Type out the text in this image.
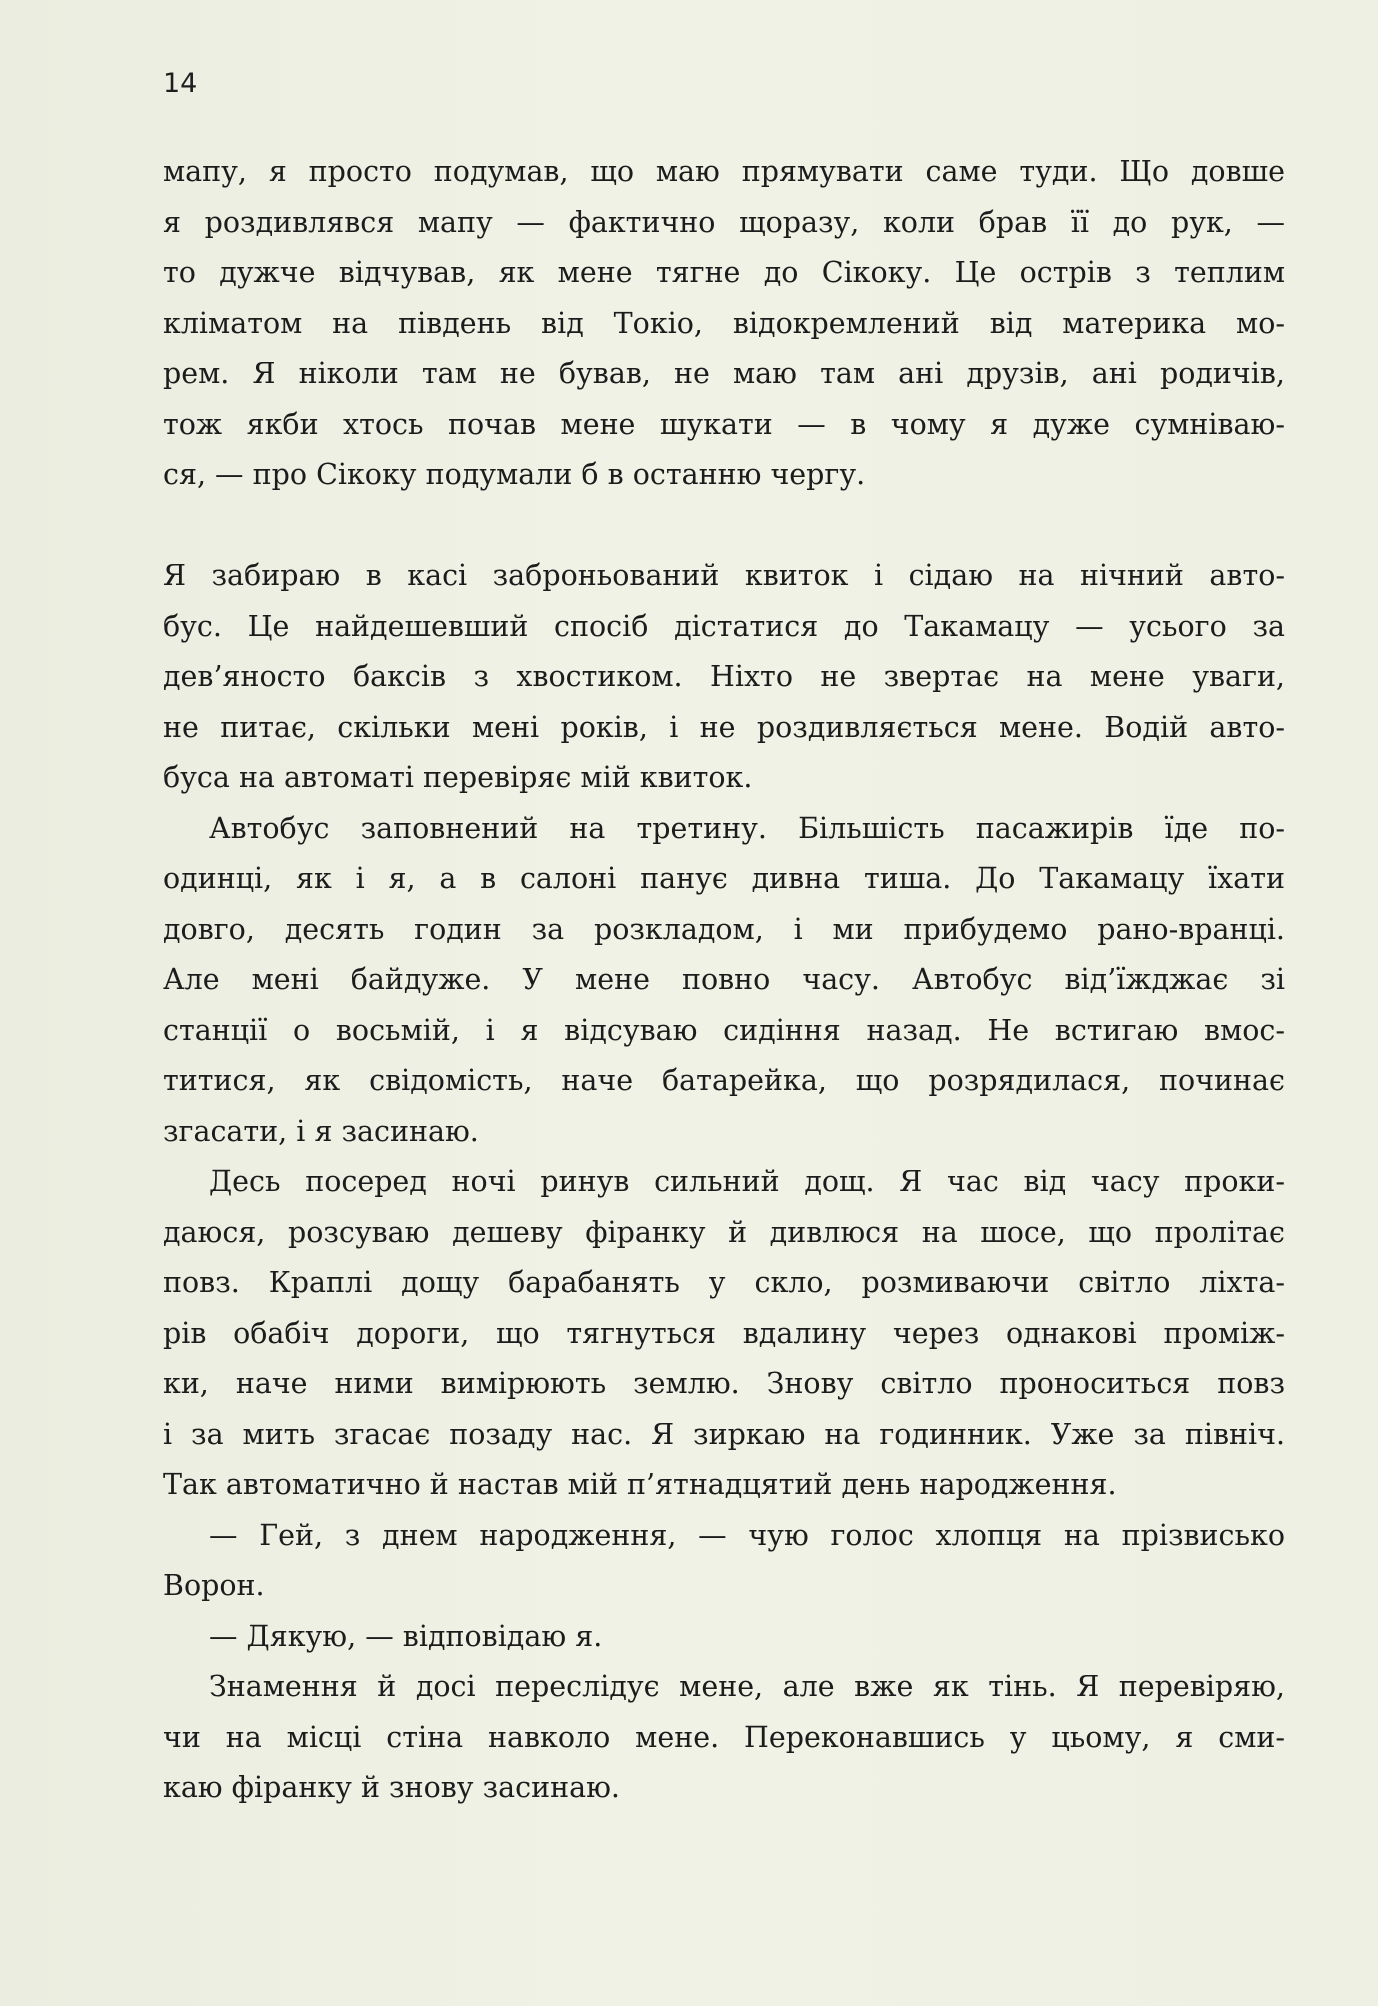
14
мапу, я просто подумав, що маю прямувати саме туди. Що довше
я роздивлявся мапу — фактично щоразу, коли брав її до рук, —
то дужче відчував, як мене тягне до Сікоку. Це острів з теплим
кліматом на південь від Токіо, відокремлений від материка мо-
рем. Я ніколи там не бував, не маю там ані друзів, ані родичів,
тож якби хтось почав мене шукати — в чому я дуже сумніваю-
ся, — про Сікоку подумали б в останню чергу.
Я забираю в касі заброньований квиток і сідаю на нічний авто-
бус. Це найдешевший спосіб дістатися до Такамацу — усього за
дев’яносто баксів з хвостиком. Ніхто не звертає на мене уваги,
не питає, скільки мені років, і не роздивляється мене. Водій авто-
буса на автоматі перевіряє мій квиток.
Автобус заповнений на третину. Більшість пасажирів їде по-
одинці, як і я, а в салоні панує дивна тиша. До Такамацу їхати
довго, десять годин за розкладом, і ми прибудемо рано-вранці.
Але мені байдуже. У мене повно часу. Автобус від’їжджає зі
станції о восьмій, і я відсуваю сидіння назад. Не встигаю вмос-
титися, як свідомість, наче батарейка, що розрядилася, починає
згасати, і я засинаю.
Десь посеред ночі ринув сильний дощ. Я час від часу проки-
даюся, розсуваю дешеву фіранку й дивлюся на шосе, що пролітає
повз. Краплі дощу барабанять у скло, розмиваючи світло ліхта-
рів обабіч дороги, що тягнуться вдалину через однакові проміж-
ки, наче ними вимірюють землю. Знову світло проноситься повз
і за мить згасає позаду нас. Я зиркаю на годинник. Уже за північ.
Так автоматично й настав мій п’ятнадцятий день народження.
— Гей, з днем народження, — чую голос хлопця на прізвисько
Ворон.
— Дякую, — відповідаю я.
Знамення й досі переслідує мене, але вже як тінь. Я перевіряю,
чи на місці стіна навколо мене. Переконавшись у цьому, я сми-
каю фіранку й знову засинаю.
